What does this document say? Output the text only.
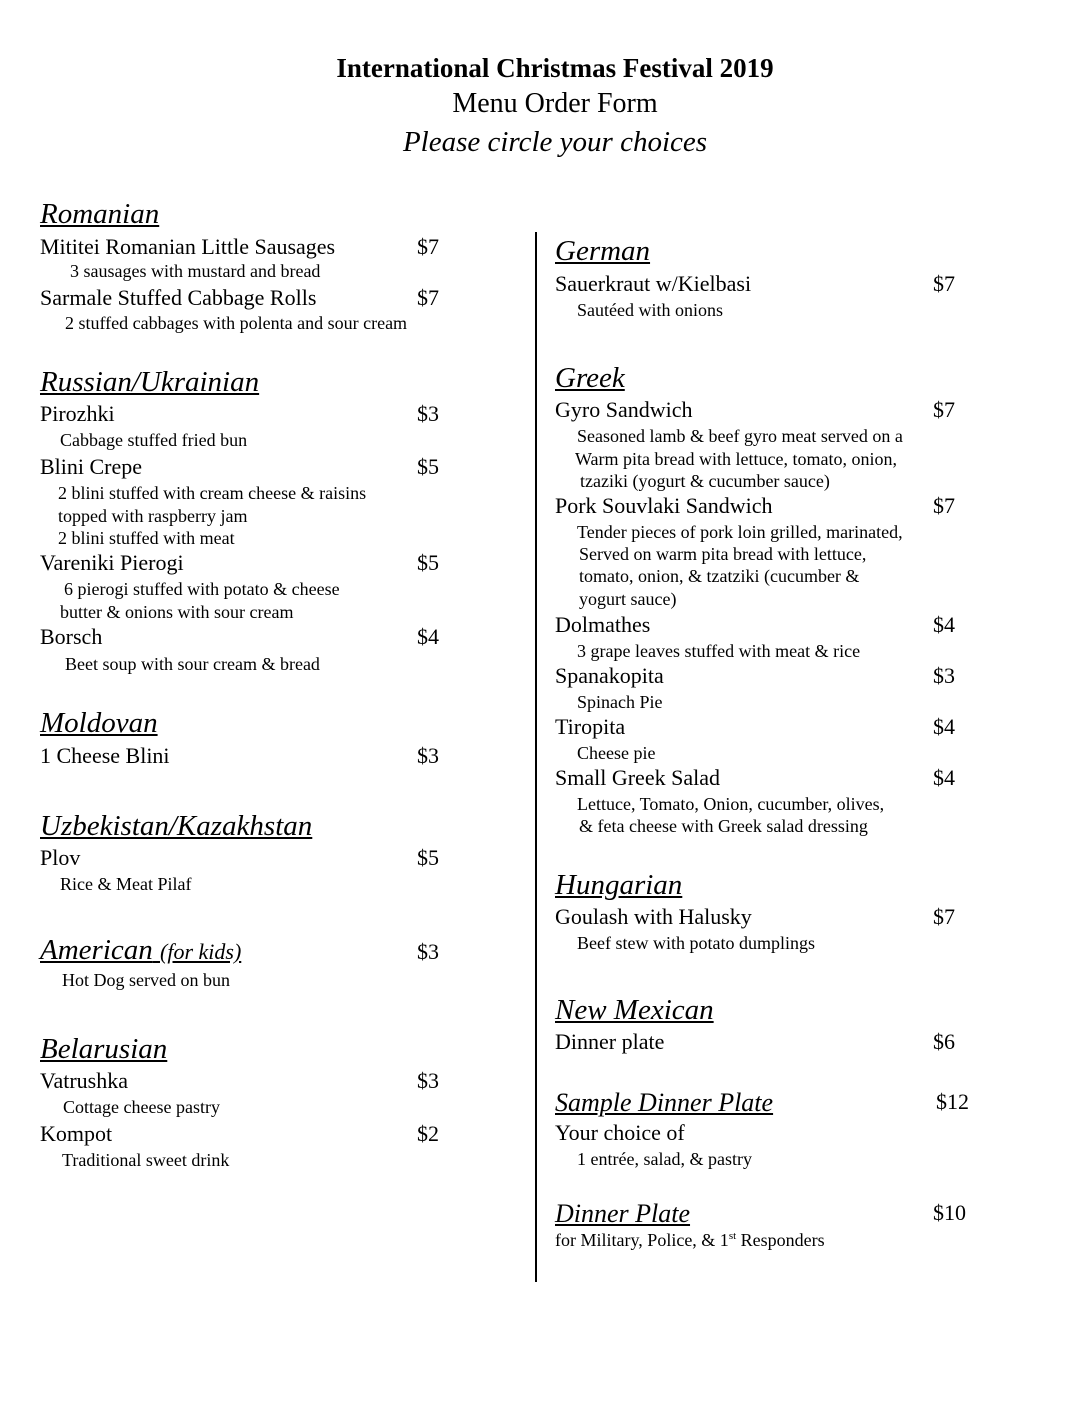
International Christmas Festival 2019
Menu Order Form
Please circle your choices
Romanian
Mititei Romanian Little Sausages	$7
3 sausages with mustard and bread
Sarmale Stuffed Cabbage Rolls	$7
2 stuffed cabbages with polenta and sour cream
Russian/Ukrainian
Pirozhki	$3
Cabbage stuffed fried bun
Blini Crepe	$5
2 blini stuffed with cream cheese & raisins
topped with raspberry jam
2 blini stuffed with meat
Vareniki Pierogi	$5
6 pierogi stuffed with potato & cheese
butter & onions with sour cream
Borsch	$4
Beet soup with sour cream & bread
Moldovan
1 Cheese Blini	$3
Uzbekistan/Kazakhstan
Plov	$5
Rice & Meat Pilaf
American (for kids)	$3
Hot Dog served on bun
Belarusian
Vatrushka	$3
Cottage cheese pastry
Kompot	$2
Traditional sweet drink
German
Sauerkraut w/Kielbasi	$7
Sautéed with onions
Greek
Gyro Sandwich	$7
Seasoned lamb & beef gyro meat served on a
Warm pita bread with lettuce, tomato, onion,
tzaziki (yogurt & cucumber sauce)
Pork Souvlaki Sandwich	$7
Tender pieces of pork loin grilled, marinated,
Served on warm pita bread with lettuce,
tomato, onion, & tzatziki (cucumber &
yogurt sauce)
Dolmathes	$4
3 grape leaves stuffed with meat & rice
Spanakopita	$3
Spinach Pie
Tiropita	$4
Cheese pie
Small Greek Salad	$4
Lettuce, Tomato, Onion, cucumber, olives,
& feta cheese with Greek salad dressing
Hungarian
Goulash with Halusky	$7
Beef stew with potato dumplings
New Mexican
Dinner plate	$6
Sample Dinner Plate	$12
Your choice of
1 entrée, salad, & pastry
Dinner Plate	$10
for Military, Police, & 1st Responders
